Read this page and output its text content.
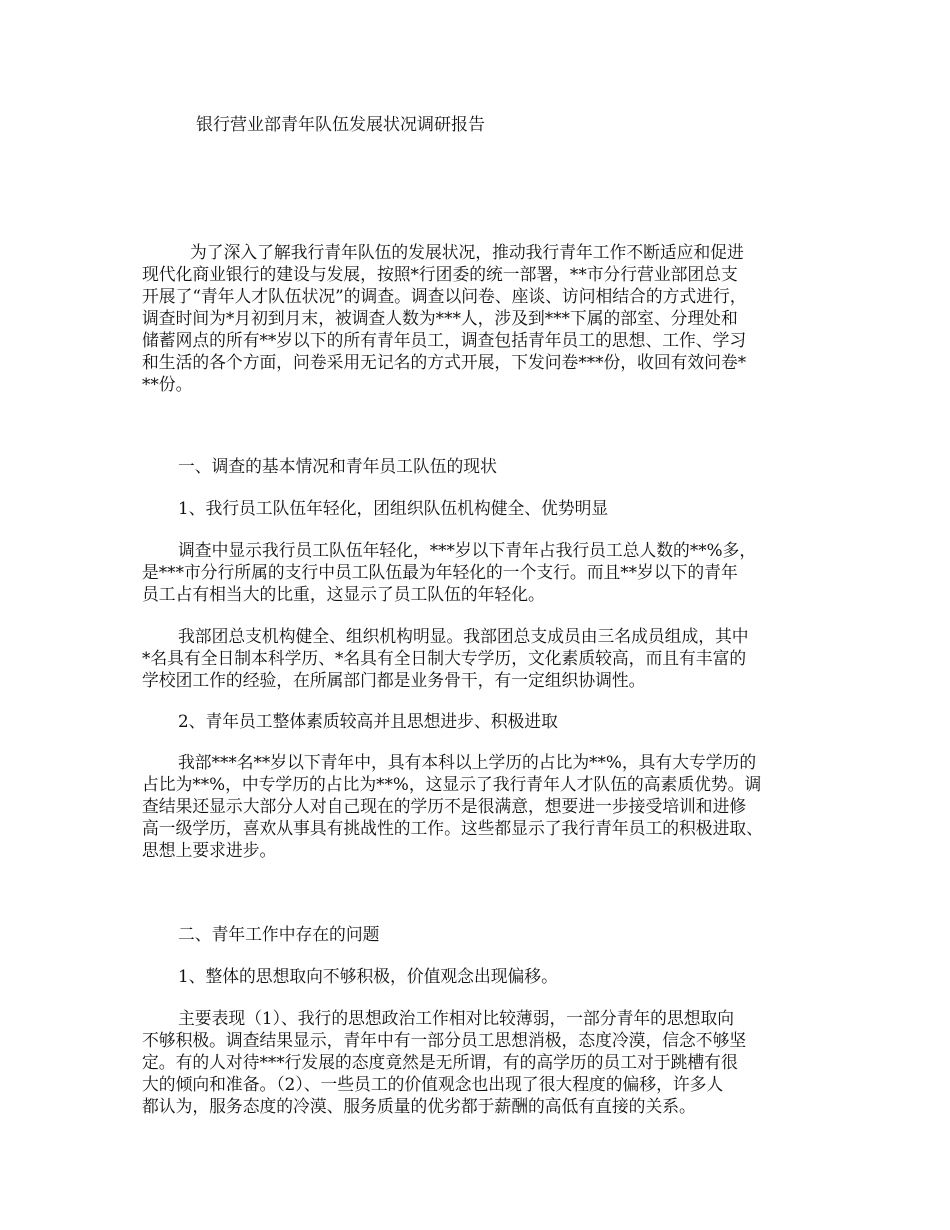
银行营业部青年队伍发展状况调研报告
为了深入了解我行青年队伍的发展状况，推动我行青年工作不断适应和促进
现代化商业银行的建设与发展，按照*行团委的统一部署，**市分行营业部团总支
开展了“青年人才队伍状况”的调查。调查以问卷、座谈、访问相结合的方式进行，
调查时间为*月初到月末，被调查人数为***人，涉及到***下属的部室、分理处和
储蓄网点的所有**岁以下的所有青年员工，调查包括青年员工的思想、工作、学习
和生活的各个方面，问卷采用无记名的方式开展，下发问卷***份，收回有效问卷*
**份。
一、调查的基本情况和青年员工队伍的现状
1、我行员工队伍年轻化，团组织队伍机构健全、优势明显
调查中显示我行员工队伍年轻化，***岁以下青年占我行员工总人数的**%多，
是***市分行所属的支行中员工队伍最为年轻化的一个支行。而且**岁以下的青年
员工占有相当大的比重，这显示了员工队伍的年轻化。
我部团总支机构健全、组织机构明显。我部团总支成员由三名成员组成，其中
*名具有全日制本科学历、*名具有全日制大专学历，文化素质较高，而且有丰富的
学校团工作的经验，在所属部门都是业务骨干，有一定组织协调性。
2、青年员工整体素质较高并且思想进步、积极进取
我部***名**岁以下青年中，具有本科以上学历的占比为**%，具有大专学历的
占比为**%，中专学历的占比为**%，这显示了我行青年人才队伍的高素质优势。调
查结果还显示大部分人对自己现在的学历不是很满意，想要进一步接受培训和进修
高一级学历，喜欢从事具有挑战性的工作。这些都显示了我行青年员工的积极进取、
思想上要求进步。
二、青年工作中存在的问题
1、整体的思想取向不够积极，价值观念出现偏移。
主要表现（1）、我行的思想政治工作相对比较薄弱，一部分青年的思想取向
不够积极。调查结果显示，青年中有一部分员工思想消极，态度冷漠，信念不够坚
定。有的人对待***行发展的态度竟然是无所谓，有的高学历的员工对于跳槽有很
大的倾向和准备。（2）、一些员工的价值观念也出现了很大程度的偏移，许多人
都认为，服务态度的冷漠、服务质量的优劣都于薪酬的高低有直接的关系。
